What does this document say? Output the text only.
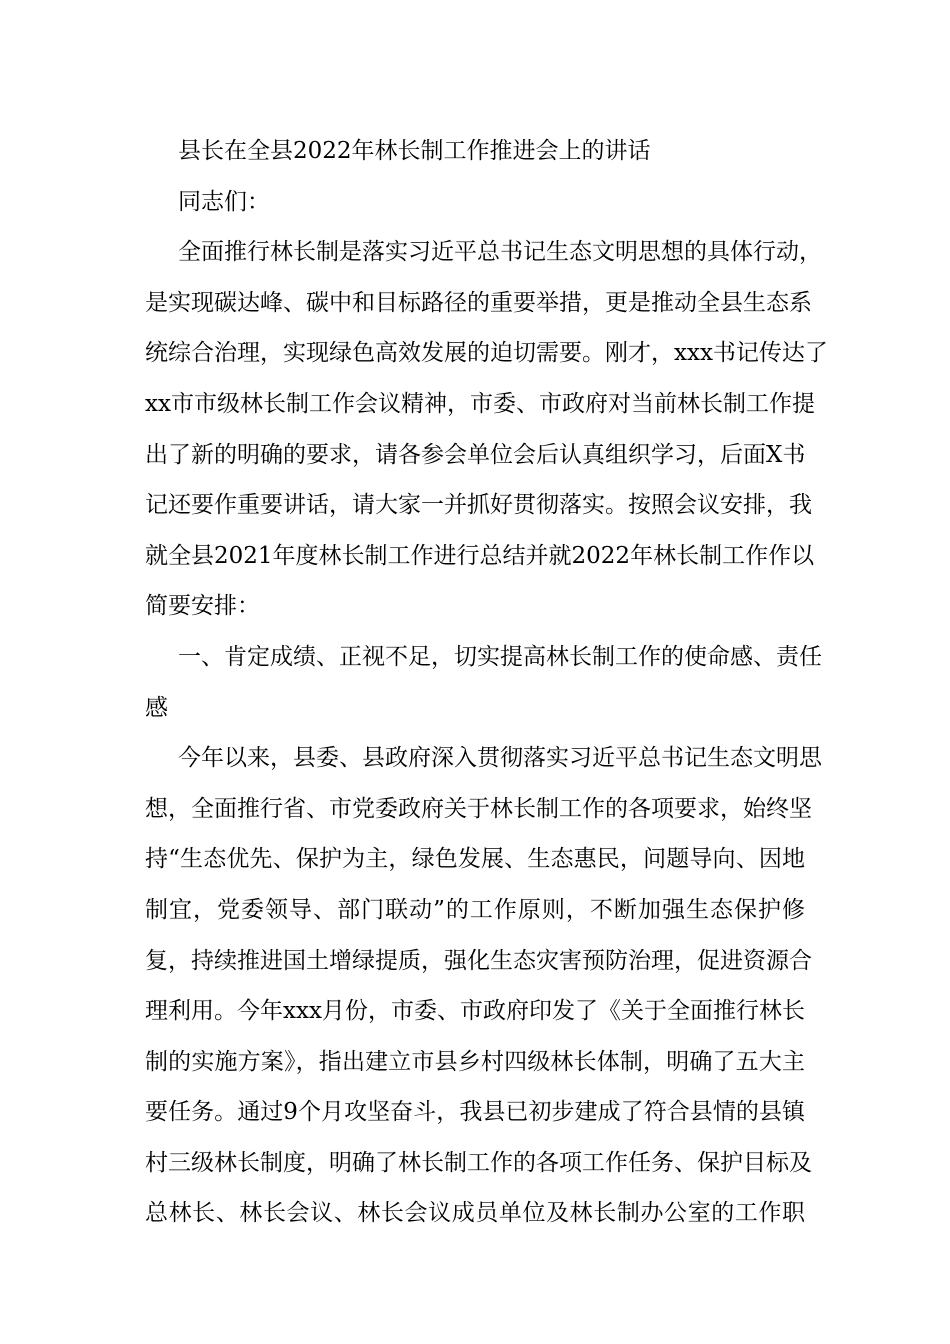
县长在全县2022年林长制工作推进会上的讲话
同志们：
全面推行林长制是落实习近平总书记生态文明思想的具体行动，
是实现碳达峰、碳中和目标路径的重要举措，更是推动全县生态系
统综合治理，实现绿色高效发展的迫切需要。刚才，xxx书记传达了
xx市市级林长制工作会议精神，市委、市政府对当前林长制工作提
出了新的明确的要求，请各参会单位会后认真组织学习，后面X书
记还要作重要讲话，请大家一并抓好贯彻落实。按照会议安排，我
就全县2021年度林长制工作进行总结并就2022年林长制工作作以
简要安排：
一、肯定成绩、正视不足，切实提高林长制工作的使命感、责任
感
今年以来，县委、县政府深入贯彻落实习近平总书记生态文明思
想，全面推行省、市党委政府关于林长制工作的各项要求，始终坚
持“生态优先、保护为主，绿色发展、生态惠民，问题导向、因地
制宜，党委领导、部门联动”的工作原则，不断加强生态保护修
复，持续推进国土增绿提质，强化生态灾害预防治理，促进资源合
理利用。今年xxx月份，市委、市政府印发了《关于全面推行林长
制的实施方案》，指出建立市县乡村四级林长体制，明确了五大主
要任务。通过9个月攻坚奋斗，我县已初步建成了符合县情的县镇
村三级林长制度，明确了林长制工作的各项工作任务、保护目标及
总林长、林长会议、林长会议成员单位及林长制办公室的工作职
